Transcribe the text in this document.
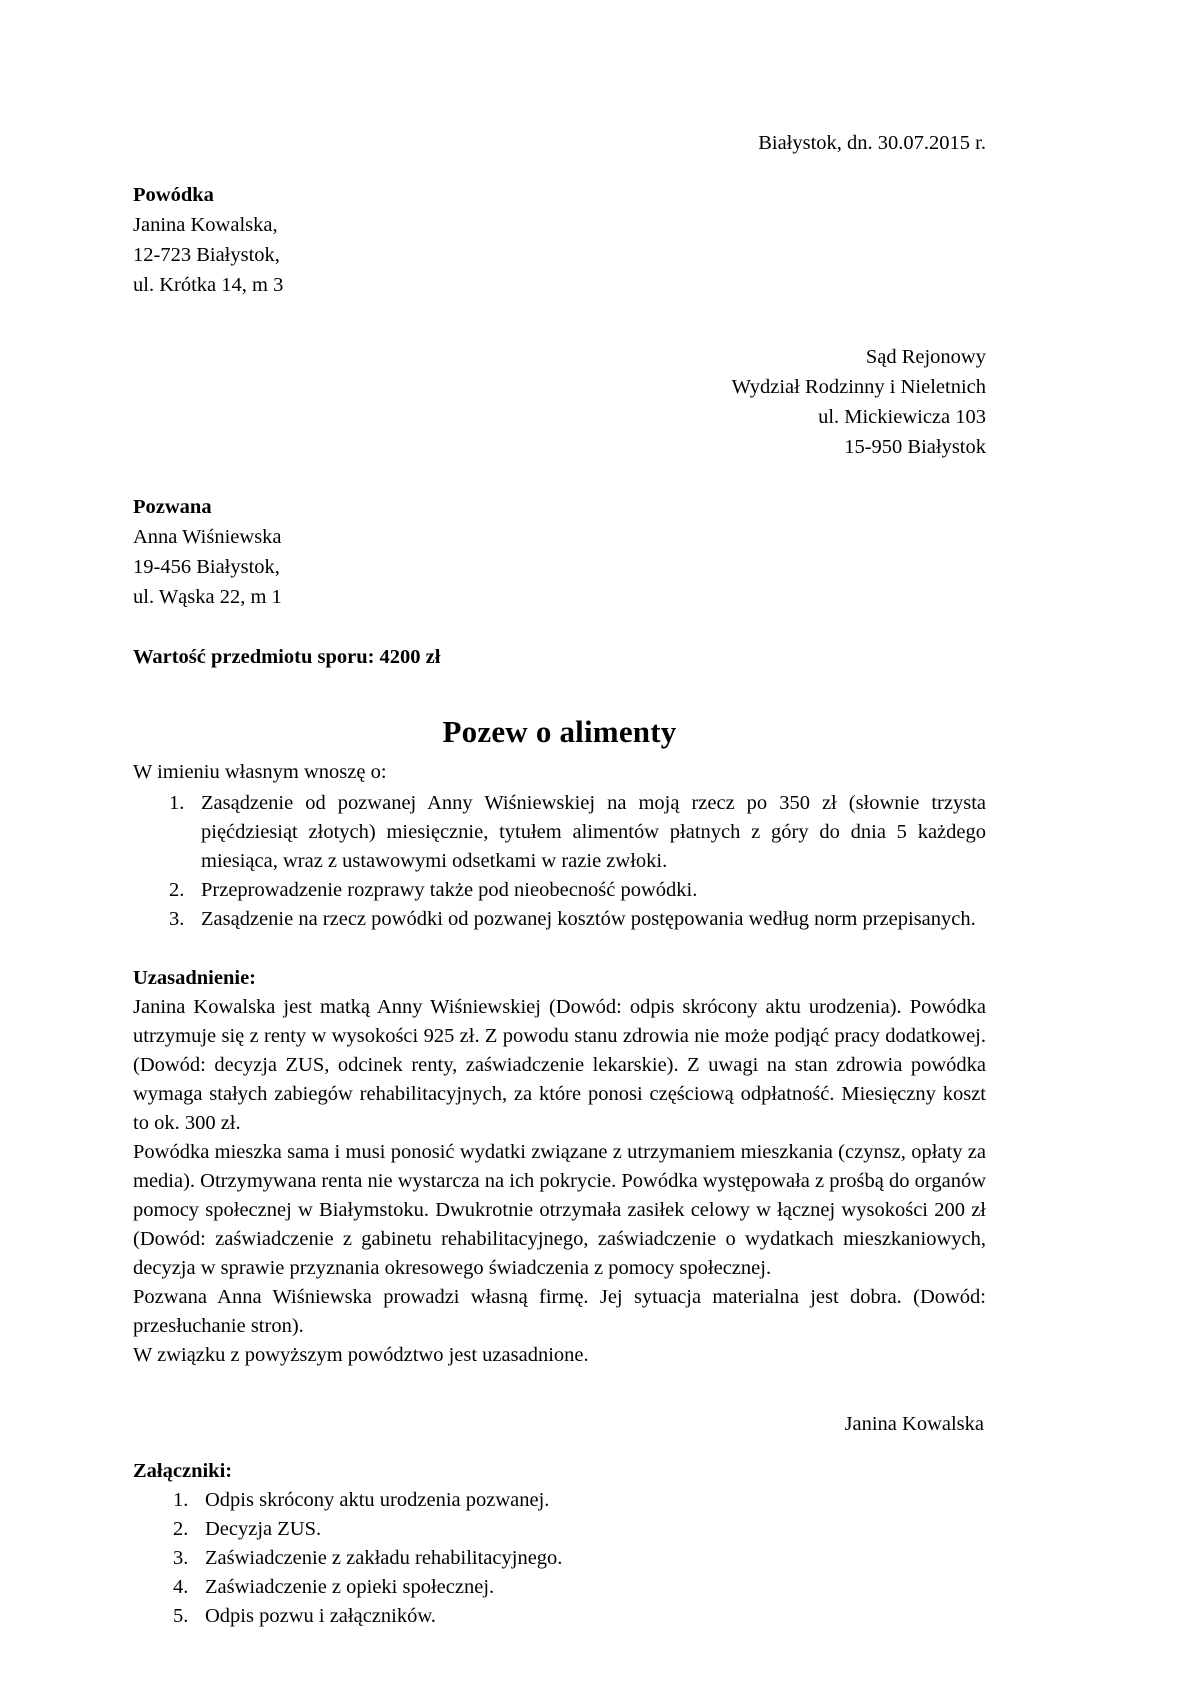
Białystok, dn. 30.07.2015 r.
Powódka
Janina Kowalska,
12-723 Białystok,
ul. Krótka 14, m 3
Sąd Rejonowy
Wydział Rodzinny i Nieletnich
ul. Mickiewicza 103
15-950 Białystok
Pozwana
Anna Wiśniewska
19-456 Białystok,
ul. Wąska 22, m 1
Wartość przedmiotu sporu: 4200 zł
Pozew o alimenty
W imieniu własnym wnoszę o:
Zasądzenie od pozwanej Anny Wiśniewskiej na moją rzecz po 350 zł (słownie trzysta pięćdziesiąt złotych) miesięcznie, tytułem alimentów płatnych z góry do dnia 5 każdego miesiąca, wraz z ustawowymi odsetkami w razie zwłoki.
Przeprowadzenie rozprawy także pod nieobecność powódki.
Zasądzenie na rzecz powódki od pozwanej kosztów postępowania według norm przepisanych.
Uzasadnienie:
Janina Kowalska jest matką Anny Wiśniewskiej (Dowód: odpis skrócony aktu urodzenia). Powódka utrzymuje się z renty w wysokości 925 zł. Z powodu stanu zdrowia nie może podjąć pracy dodatkowej. (Dowód: decyzja ZUS, odcinek renty, zaświadczenie lekarskie). Z uwagi na stan zdrowia powódka wymaga stałych zabiegów rehabilitacyjnych, za które ponosi częściową odpłatność. Miesięczny koszt to ok. 300 zł.
Powódka mieszka sama i musi ponosić wydatki związane z utrzymaniem mieszkania (czynsz, opłaty za media). Otrzymywana renta nie wystarcza na ich pokrycie. Powódka występowała z prośbą do organów pomocy społecznej w Białymstoku. Dwukrotnie otrzymała zasiłek celowy w łącznej wysokości 200 zł (Dowód: zaświadczenie z gabinetu rehabilitacyjnego, zaświadczenie o wydatkach mieszkaniowych, decyzja w sprawie przyznania okresowego świadczenia z pomocy społecznej.
Pozwana Anna Wiśniewska prowadzi własną firmę. Jej sytuacja materialna jest dobra. (Dowód: przesłuchanie stron).
W związku z powyższym powództwo jest uzasadnione.
Janina Kowalska
Załączniki:
Odpis skrócony aktu urodzenia pozwanej.
Decyzja ZUS.
Zaświadczenie z zakładu rehabilitacyjnego.
Zaświadczenie z opieki społecznej.
Odpis pozwu i załączników.
